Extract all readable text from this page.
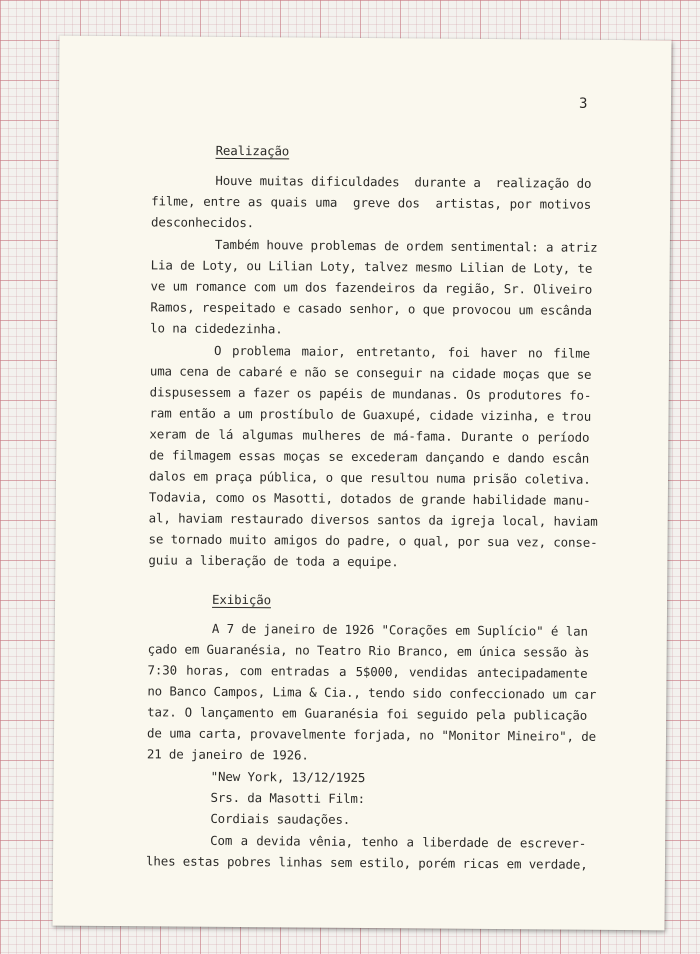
3
Realização
Houve muitas dificuldades  durante a  realização do
filme, entre as quais uma  greve dos  artistas, por motivos
desconhecidos.
Também houve problemas de ordem sentimental: a atriz
Lia de Loty, ou Lilian Loty, talvez mesmo Lilian de Loty, te
ve um romance com um dos fazendeiros da região, Sr. Oliveiro
Ramos, respeitado e casado senhor, o que provocou um escânda
lo na cidedezinha.
O problema maior, entretanto, foi haver no filme
uma cena de cabaré e não se conseguir na cidade moças que se
dispusessem a fazer os papéis de mundanas. Os produtores fo-
ram então a um prostíbulo de Guaxupé, cidade vizinha, e trou
xeram de lá algumas mulheres de má-fama. Durante o período
de filmagem essas moças se excederam dançando e dando escân
dalos em praça pública, o que resultou numa prisão coletiva.
Todavia, como os Masotti, dotados de grande habilidade manu-
al, haviam restaurado diversos santos da igreja local, haviam
se tornado muito amigos do padre, o qual, por sua vez, conse-
guiu a liberação de toda a equipe.
Exibição
A 7 de janeiro de 1926 "Corações em Suplício" é lan
çado em Guaranésia, no Teatro Rio Branco, em única sessão às
7:30 horas, com entradas a 5$000, vendidas antecipadamente
no Banco Campos, Lima & Cia., tendo sido confeccionado um car
taz. O lançamento em Guaranésia foi seguido pela publicação
de uma carta, provavelmente forjada, no "Monitor Mineiro", de
21 de janeiro de 1926.
"New York, 13/12/1925
Srs. da Masotti Film:
Cordiais saudações.
Com a devida vênia, tenho a liberdade de escrever-
lhes estas pobres linhas sem estilo, porém ricas em verdade,
